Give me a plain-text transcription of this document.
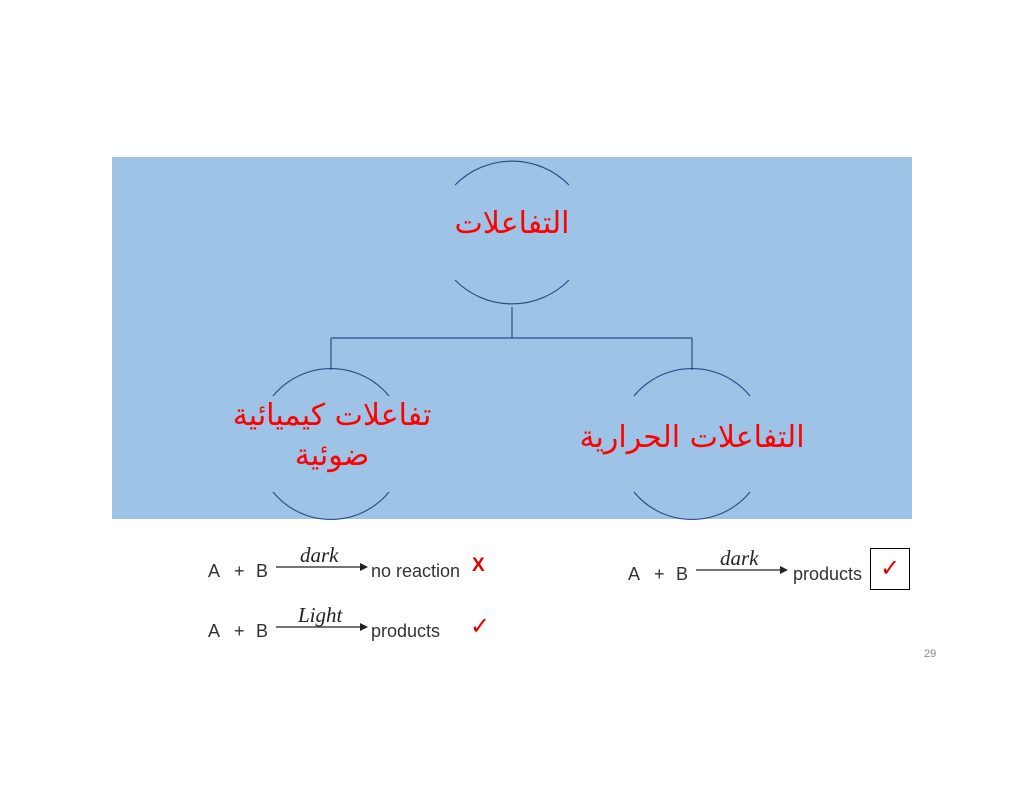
التفاعلات
تفاعلات كيميائية ضوئية
التفاعلات الحرارية
A + B
dark
no reaction X
A + B
Light
products ✓
A + B
dark
products ✓
29
